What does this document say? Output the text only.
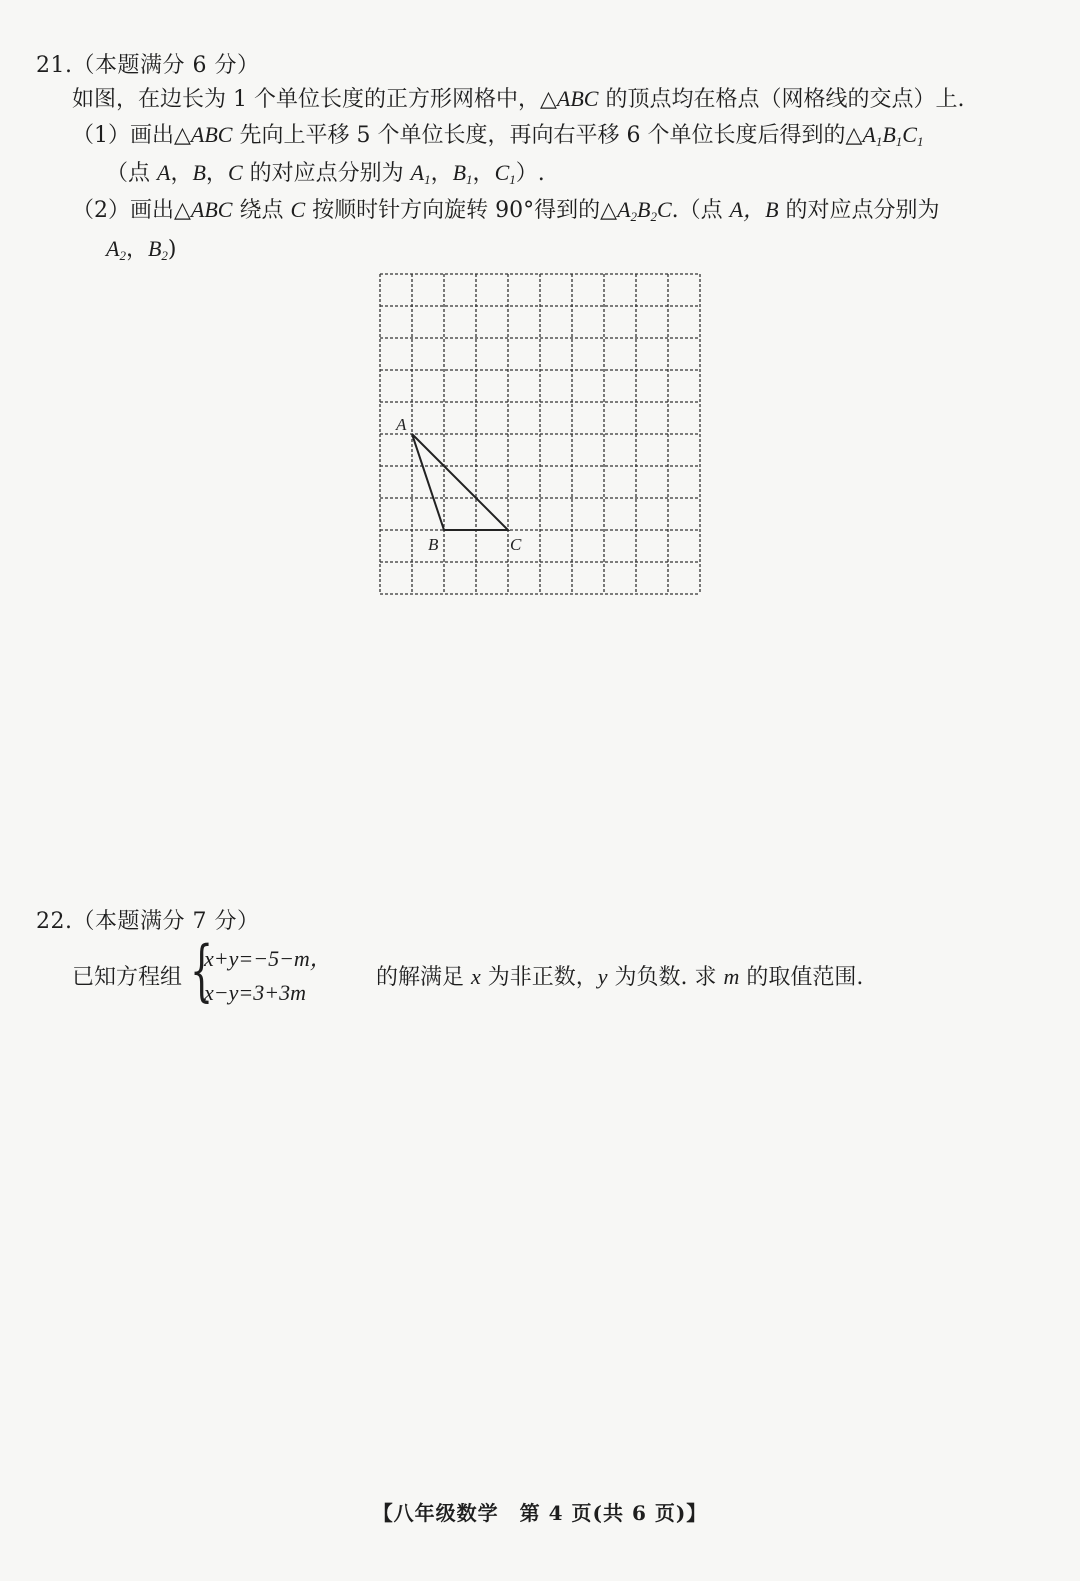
21.（本题满分 6 分）
如图，在边长为 1 个单位长度的正方形网格中，△ABC 的顶点均在格点（网格线的交点）上.
（1）画出△ABC 先向上平移 5 个单位长度，再向右平移 6 个单位长度后得到的$\triangle A_1B_1C_1$
（点 A，B，C 的对应点分别为 $A_1$，$B_1$，$C_1$）.
（2）画出△ABC 绕点 C 按顺时针方向旋转 90°得到的$\triangle A_2B_2C$.（点 A，B 的对应点分别为
$A_2$，$B_2$)
A
B	C
22.（本题满分 7 分）
已知方程组 {
x+y=−5−m，
x−y=3+3m
的解满足 x 为非正数，y 为负数. 求 m 的取值范围.
【八年级数学　第 4 页(共 6 页)】
